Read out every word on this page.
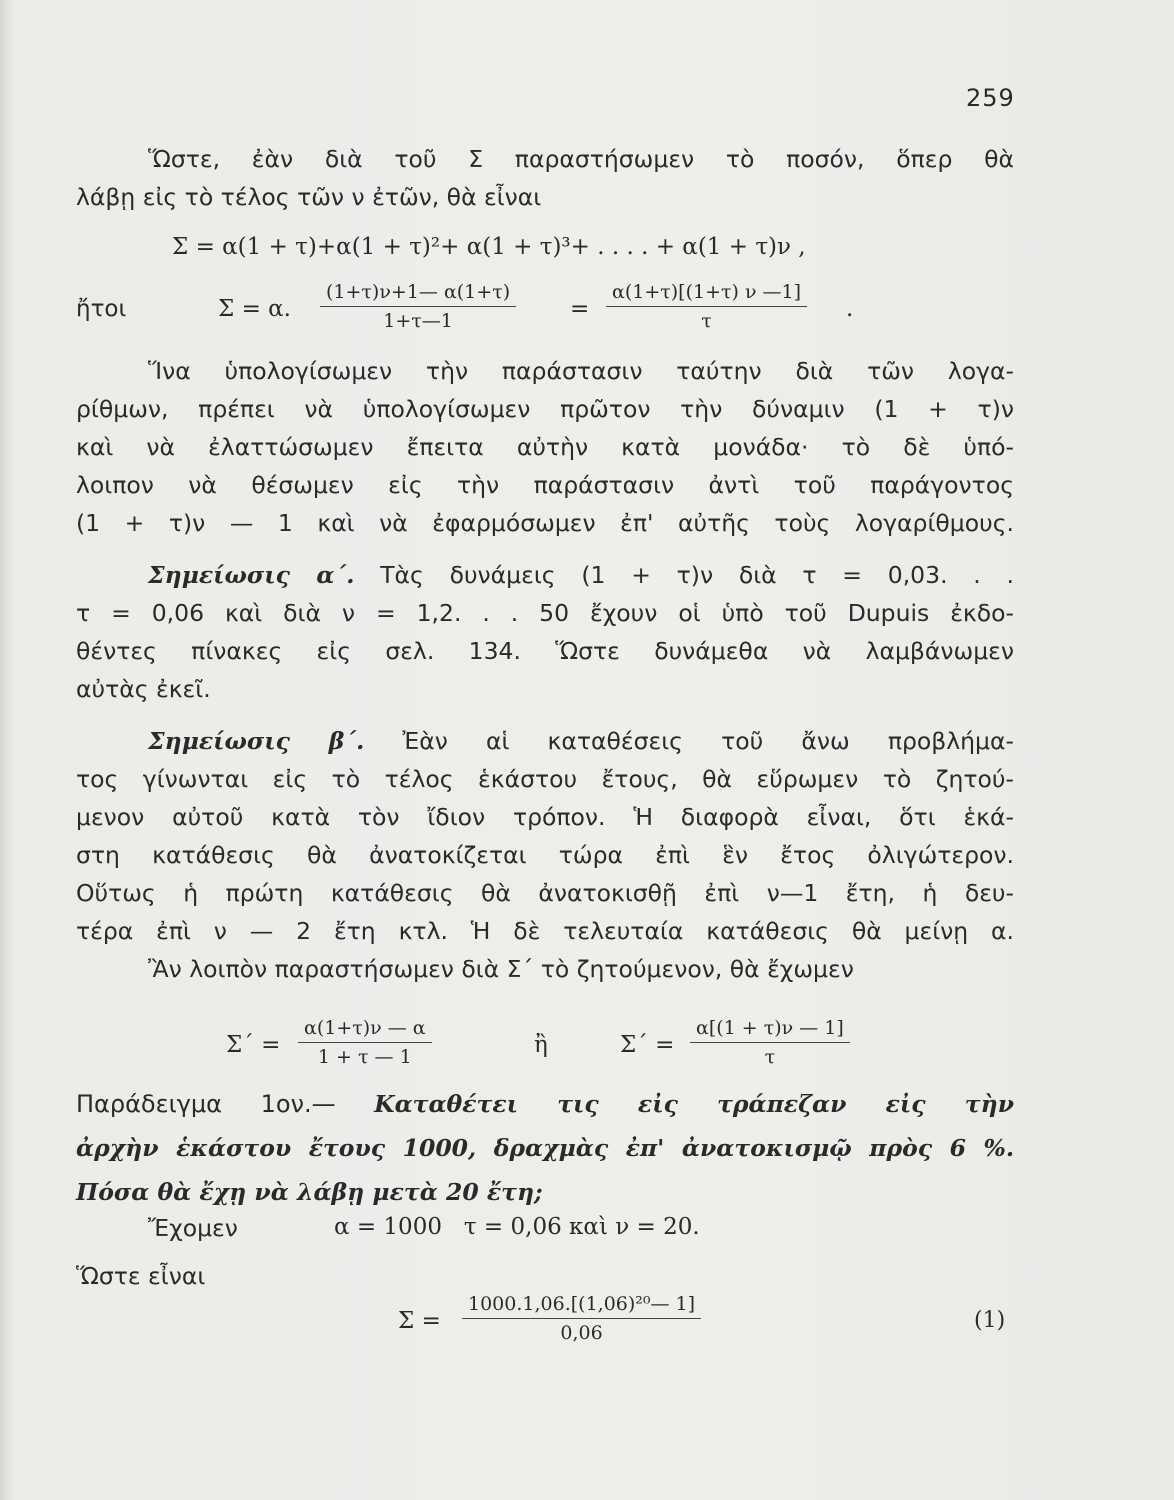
259
Ὥστε, ἐὰν διὰ τοῦ Σ παραστήσωμεν τὸ ποσόν, ὅπερ θὰ
λάβῃ εἰς τὸ τέλος τῶν ν ἐτῶν, θὰ εἶναι
Σ = α(1 + τ)+α(1 + τ)²+ α(1 + τ)³+ . . . . + α(1 + τ)ν ,
ἤτοι	Σ = α. $\frac{(1+\tau)\nu+1— \alpha(1+\tau)}{1+\tau—1} = \frac{\alpha(1+\tau)[(1+\tau) \nu —1]}{\tau}$ .
Ἵνα ὑπολογίσωμεν τὴν παράστασιν ταύτην διὰ τῶν λογα-
ρίθμων, πρέπει νὰ ὑπολογίσωμεν πρῶτον τὴν δύναμιν (1 + τ)ν
καὶ νὰ ἐλαττώσωμεν ἔπειτα αὐτὴν κατὰ μονάδα· τὸ δὲ ὑπό-
λοιπον νὰ θέσωμεν εἰς τὴν παράστασιν ἀντὶ τοῦ παράγοντος
(1 + τ)ν — 1 καὶ νὰ ἐφαρμόσωμεν ἐπ' αὐτῆς τοὺς λογαρίθμους.
Σημείωσις α΄. Τὰς δυνάμεις (1 + τ)ν διὰ τ = 0,03. . .
τ = 0,06 καὶ διὰ ν = 1,2. . . 50 ἔχουν οἱ ὑπὸ τοῦ Dupuis ἐκδο-
θέντες πίνακες εἰς σελ. 134. Ὥστε δυνάμεθα νὰ λαμβάνωμεν
αὐτὰς ἐκεῖ.
Σημείωσις β΄. Ἐὰν αἱ καταθέσεις τοῦ ἄνω προβλήμα-
τος γίνωνται εἰς τὸ τέλος ἑκάστου ἔτους, θὰ εὕρωμεν τὸ ζητού-
μενον αὐτοῦ κατὰ τὸν ἴδιον τρόπον. Ἡ διαφορὰ εἶναι, ὅτι ἑκά-
στη κατάθεσις θὰ ἀνατοκίζεται τώρα ἐπὶ ἓν ἔτος ὀλιγώτερον.
Οὕτως ἡ πρώτη κατάθεσις θὰ ἀνατοκισθῇ ἐπὶ ν—1 ἔτη, ἡ δευ-
τέρα ἐπὶ ν — 2 ἔτη κτλ. Ἡ δὲ τελευταία κατάθεσις θὰ μείνῃ α.
Ἂν λοιπὸν παραστήσωμεν διὰ Σ΄ τὸ ζητούμενον, θὰ ἔχωμεν
$\Sigma΄ = \frac{\alpha(1+\tau)\nu — \alpha}{1 + \tau — 1}$	ἢ	$\Sigma΄ = \frac{\alpha[(1 + \tau)\nu — 1]}{\tau}$
Παράδειγμα 1ον.— Καταθέτει τις εἰς τράπεζαν εἰς τὴν
ἀρχὴν ἑκάστου ἔτους 1000, δραχμὰς ἐπ' ἀνατοκισμῷ πρὸς 6 %.
Πόσα θὰ ἔχῃ νὰ λάβῃ μετὰ 20 ἔτη;
Ἔχομεν	α = 1000   τ = 0,06 καὶ ν = 20.
Ὥστε εἶναι
$\Sigma = \frac{\text{1000.1,06.[(1,06)²⁰— 1]}}{0,06}$	(1)
